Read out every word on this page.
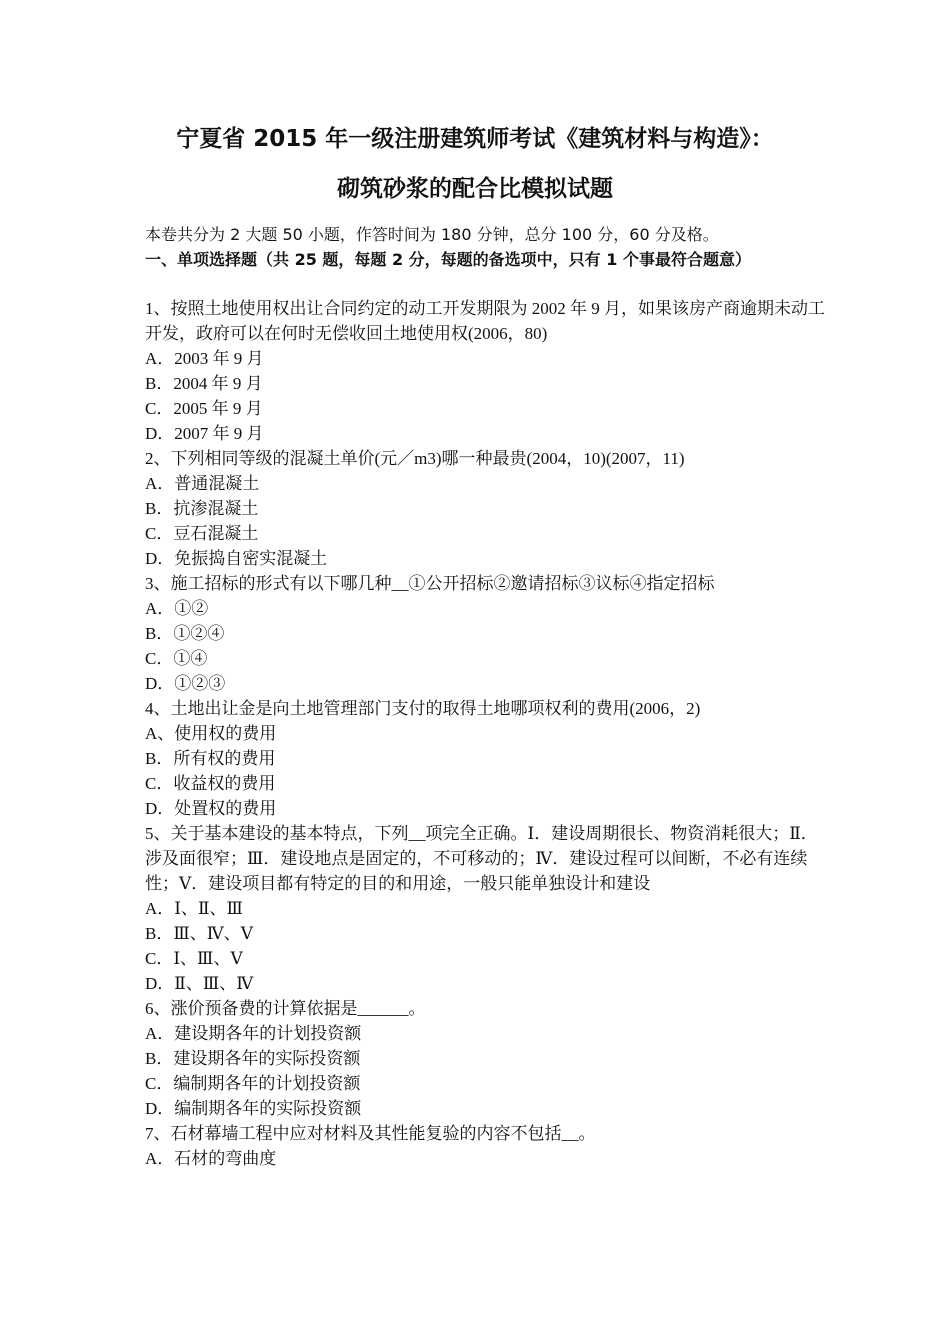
宁夏省 2015 年一级注册建筑师考试《建筑材料与构造》：
砌筑砂浆的配合比模拟试题
本卷共分为 2 大题 50 小题，作答时间为 180 分钟，总分 100 分，60 分及格。
一、单项选择题（共 25 题，每题 2 分，每题的备选项中，只有 1 个事最符合题意）
1、按照土地使用权出让合同约定的动工开发期限为 2002 年 9 月，如果该房产商逾期未动工开发，政府可以在何时无偿收回土地使用权(2006，80)
A．2003 年 9 月
B．2004 年 9 月
C．2005 年 9 月
D．2007 年 9 月
2、下列相同等级的混凝土单价(元／m3)哪一种最贵(2004，10)(2007，11)
A．普通混凝土
B．抗渗混凝土
C．豆石混凝土
D．免振捣自密实混凝土
3、施工招标的形式有以下哪几种__①公开招标②邀请招标③议标④指定招标
A．①②
B．①②④
C．①④
D．①②③
4、土地出让金是向土地管理部门支付的取得土地哪项权利的费用(2006，2)
A、使用权的费用
B．所有权的费用
C．收益权的费用
D．处置权的费用
5、关于基本建设的基本特点，下列__项完全正确。Ⅰ．建设周期很长、物资消耗很大；Ⅱ．涉及面很窄；Ⅲ．建设地点是固定的，不可移动的；Ⅳ．建设过程可以间断，不必有连续性；Ⅴ．建设项目都有特定的目的和用途，一般只能单独设计和建设
A．Ⅰ、Ⅱ、Ⅲ
B．Ⅲ、Ⅳ、Ⅴ
C．Ⅰ、Ⅲ、Ⅴ
D．Ⅱ、Ⅲ、Ⅳ
6、涨价预备费的计算依据是______。
A．建设期各年的计划投资额
B．建设期各年的实际投资额
C．编制期各年的计划投资额
D．编制期各年的实际投资额
7、石材幕墙工程中应对材料及其性能复验的内容不包括__。
A．石材的弯曲度
